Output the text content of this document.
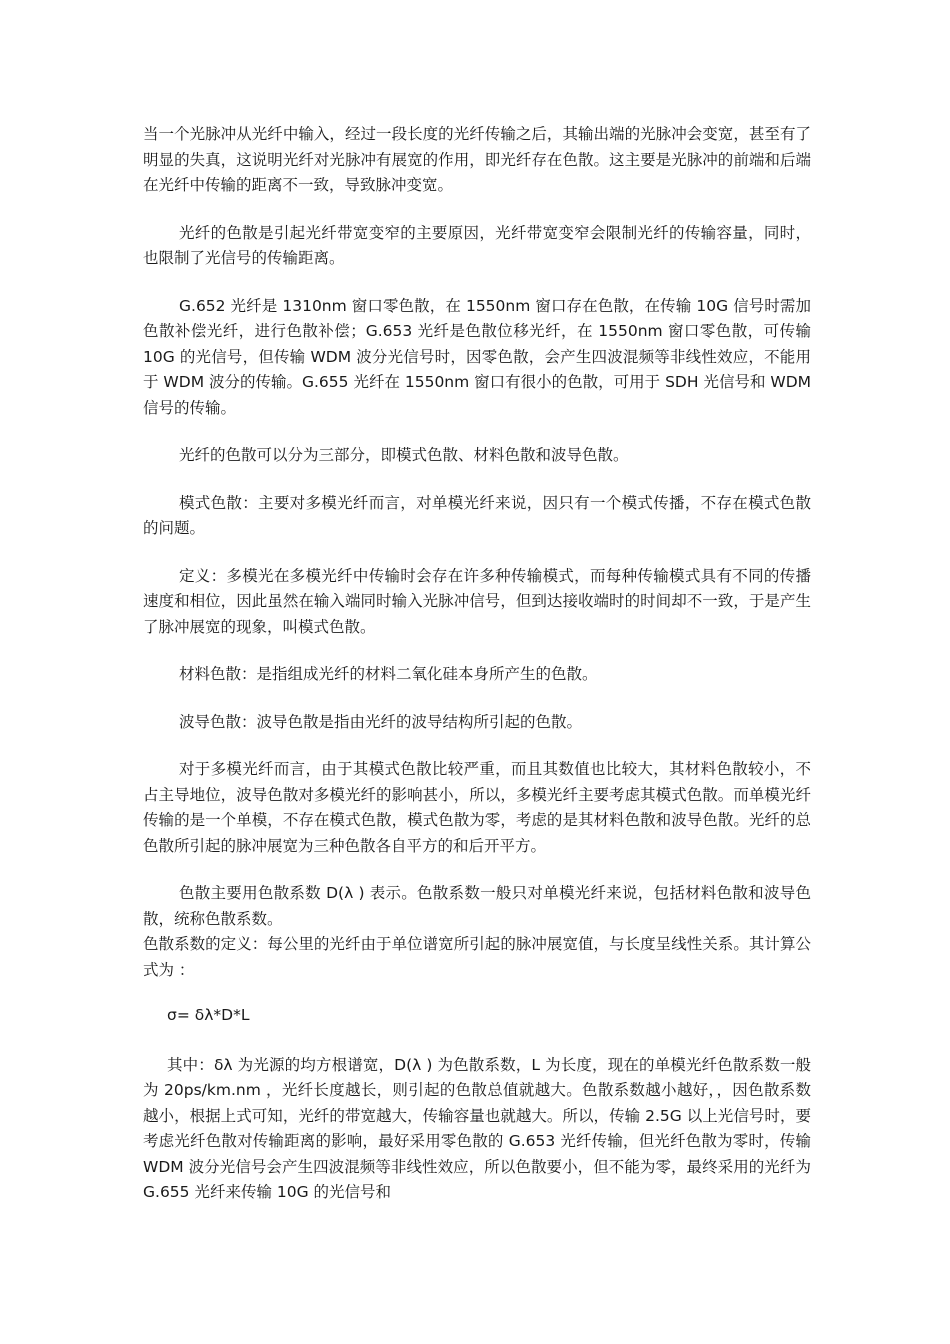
当一个光脉冲从光纤中输入，经过一段长度的光纤传输之后，其输出端的光脉冲会变宽，甚至有了明显的失真，这说明光纤对光脉冲有展宽的作用，即光纤存在色散。这主要是光脉冲的前端和后端在光纤中传输的距离不一致，导致脉冲变宽。

光纤的色散是引起光纤带宽变窄的主要原因，光纤带宽变窄会限制光纤的传输容量，同时，也限制了光信号的传输距离。

G.652 光纤是 1310nm 窗口零色散，在 1550nm 窗口存在色散，在传输 10G 信号时需加色散补偿光纤，进行色散补偿；G.653 光纤是色散位移光纤，在 1550nm 窗口零色散，可传输 10G 的光信号，但传输 WDM 波分光信号时，因零色散，会产生四波混频等非线性效应，不能用于 WDM 波分的传输。G.655 光纤在 1550nm 窗口有很小的色散，可用于 SDH 光信号和 WDM 信号的传输。

光纤的色散可以分为三部分，即模式色散、材料色散和波导色散。

模式色散：主要对多模光纤而言，对单模光纤来说，因只有一个模式传播，不存在模式色散的问题。

定义：多模光在多模光纤中传输时会存在许多种传输模式，而每种传输模式具有不同的传播速度和相位，因此虽然在输入端同时输入光脉冲信号，但到达接收端时的时间却不一致，于是产生了脉冲展宽的现象，叫模式色散。

材料色散：是指组成光纤的材料二氧化硅本身所产生的色散。

波导色散：波导色散是指由光纤的波导结构所引起的色散。

对于多模光纤而言，由于其模式色散比较严重，而且其数值也比较大，其材料色散较小，不占主导地位，波导色散对多模光纤的影响甚小，所以，多模光纤主要考虑其模式色散。而单模光纤传输的是一个单模，不存在模式色散，模式色散为零，考虑的是其材料色散和波导色散。光纤的总色散所引起的脉冲展宽为三种色散各自平方的和后开平方。

色散主要用色散系数 D(λ ) 表示。色散系数一般只对单模光纤来说，包括材料色散和波导色散，统称色散系数。

色散系数的定义：每公里的光纤由于单位谱宽所引起的脉冲展宽值，与长度呈线性关系。其计算公式为 ：

σ= δλ*D*L

其中：δλ 为光源的均方根谱宽，D(λ ) 为色散系数，L 为长度，现在的单模光纤色散系数一般为 20ps/km.nm ，光纤长度越长，则引起的色散总值就越大。色散系数越小越好，，因色散系数越小，根据上式可知，光纤的带宽越大，传输容量也就越大。所以，传输 2.5G 以上光信号时，要考虑光纤色散对传输距离的影响，最好采用零色散的 G.653 光纤传输，但光纤色散为零时，传输 WDM 波分光信号会产生四波混频等非线性效应，所以色散要小，但不能为零，最终采用的光纤为 G.655 光纤来传输 10G 的光信号和
